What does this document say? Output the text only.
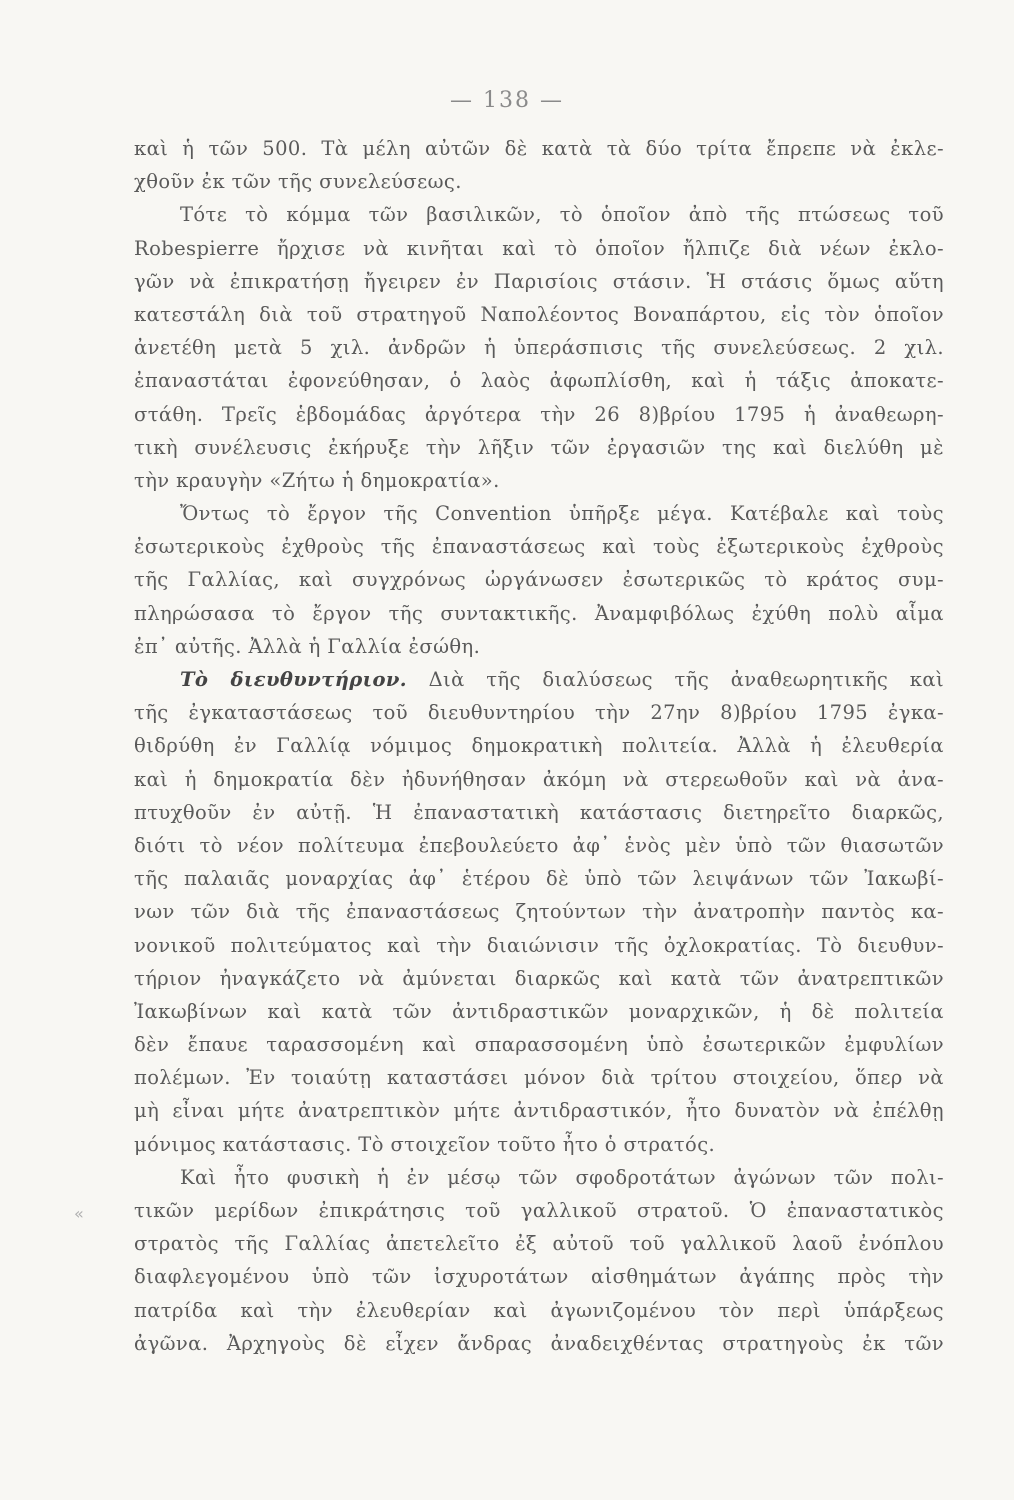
— 138 —
«
καὶ ἡ τῶν 500. Τὰ μέλη αὐτῶν δὲ κατὰ τὰ δύο τρίτα ἔπρεπε νὰ ἐκλε-
χθοῦν ἐκ τῶν τῆς συνελεύσεως.
Τότε τὸ κόμμα τῶν βασιλικῶν, τὸ ὁποῖον ἀπὸ τῆς πτώσεως τοῦ
Robespierre ἤρχισε νὰ κινῆται καὶ τὸ ὁποῖον ἤλπιζε διὰ νέων ἐκλο-
γῶν νὰ ἐπικρατήσῃ ἤγειρεν ἐν Παρισίοις στάσιν. Ἡ στάσις ὅμως αὕτη
κατεστάλη διὰ τοῦ στρατηγοῦ Ναπολέοντος Βοναπάρτου, εἰς τὸν ὁποῖον
ἀνετέθη μετὰ 5 χιλ. ἀνδρῶν ἡ ὑπεράσπισις τῆς συνελεύσεως. 2 χιλ.
ἐπαναστάται ἐφονεύθησαν, ὁ λαὸς ἀφωπλίσθη, καὶ ἡ τάξις ἀποκατε-
στάθη. Τρεῖς ἑβδομάδας ἀργότερα τὴν 26 8)βρίου 1795 ἡ ἀναθεωρη-
τικὴ συνέλευσις ἐκήρυξε τὴν λῆξιν τῶν ἐργασιῶν της καὶ διελύθη μὲ
τὴν κραυγὴν «Ζήτω ἡ δημοκρατία».
Ὄντως τὸ ἔργον τῆς Convention ὑπῆρξε μέγα. Κατέβαλε καὶ τοὺς
ἐσωτερικοὺς ἐχθροὺς τῆς ἐπαναστάσεως καὶ τοὺς ἐξωτερικοὺς ἐχθροὺς
τῆς Γαλλίας, καὶ συγχρόνως ὠργάνωσεν ἐσωτερικῶς τὸ κράτος συμ-
πληρώσασα τὸ ἔργον τῆς συντακτικῆς. Ἀναμφιβόλως ἐχύθη πολὺ αἷμα
ἐπ᾽ αὐτῆς. Ἀλλὰ ἡ Γαλλία ἐσώθη.
Τὸ διευθυντήριον. Διὰ τῆς διαλύσεως τῆς ἀναθεωρητικῆς καὶ
τῆς ἐγκαταστάσεως τοῦ διευθυντηρίου τὴν 27ην 8)βρίου 1795 ἐγκα-
θιδρύθη ἐν Γαλλίᾳ νόμιμος δημοκρατικὴ πολιτεία. Ἀλλὰ ἡ ἐλευθερία
καὶ ἡ δημοκρατία δὲν ἠδυνήθησαν ἀκόμη νὰ στερεωθοῦν καὶ νὰ ἀνα-
πτυχθοῦν ἐν αὐτῇ. Ἡ ἐπαναστατικὴ κατάστασις διετηρεῖτο διαρκῶς,
διότι τὸ νέον πολίτευμα ἐπεβουλεύετο ἀφ᾽ ἑνὸς μὲν ὑπὸ τῶν θιασωτῶν
τῆς παλαιᾶς μοναρχίας ἀφ᾽ ἑτέρου δὲ ὑπὸ τῶν λειψάνων τῶν Ἰακωβί-
νων τῶν διὰ τῆς ἐπαναστάσεως ζητούντων τὴν ἀνατροπὴν παντὸς κα-
νονικοῦ πολιτεύματος καὶ τὴν διαιώνισιν τῆς ὀχλοκρατίας. Τὸ διευθυν-
τήριον ἠναγκάζετο νὰ ἀμύνεται διαρκῶς καὶ κατὰ τῶν ἀνατρεπτικῶν
Ἰακωβίνων καὶ κατὰ τῶν ἀντιδραστικῶν μοναρχικῶν, ἡ δὲ πολιτεία
δὲν ἔπαυε ταρασσομένη καὶ σπαρασσομένη ὑπὸ ἐσωτερικῶν ἐμφυλίων
πολέμων. Ἐν τοιαύτῃ καταστάσει μόνον διὰ τρίτου στοιχείου, ὅπερ νὰ
μὴ εἶναι μήτε ἀνατρεπτικὸν μήτε ἀντιδραστικόν, ἦτο δυνατὸν νὰ ἐπέλθῃ
μόνιμος κατάστασις. Τὸ στοιχεῖον τοῦτο ἦτο ὁ στρατός.
Καὶ ἦτο φυσικὴ ἡ ἐν μέσῳ τῶν σφοδροτάτων ἀγώνων τῶν πολι-
τικῶν μερίδων ἐπικράτησις τοῦ γαλλικοῦ στρατοῦ. Ὁ ἐπαναστατικὸς
στρατὸς τῆς Γαλλίας ἀπετελεῖτο ἐξ αὐτοῦ τοῦ γαλλικοῦ λαοῦ ἐνόπλου
διαφλεγομένου ὑπὸ τῶν ἰσχυροτάτων αἰσθημάτων ἀγάπης πρὸς τὴν
πατρίδα καὶ τὴν ἐλευθερίαν καὶ ἀγωνιζομένου τὸν περὶ ὑπάρξεως
ἀγῶνα. Ἀρχηγοὺς δὲ εἶχεν ἄνδρας ἀναδειχθέντας στρατηγοὺς ἐκ τῶν
